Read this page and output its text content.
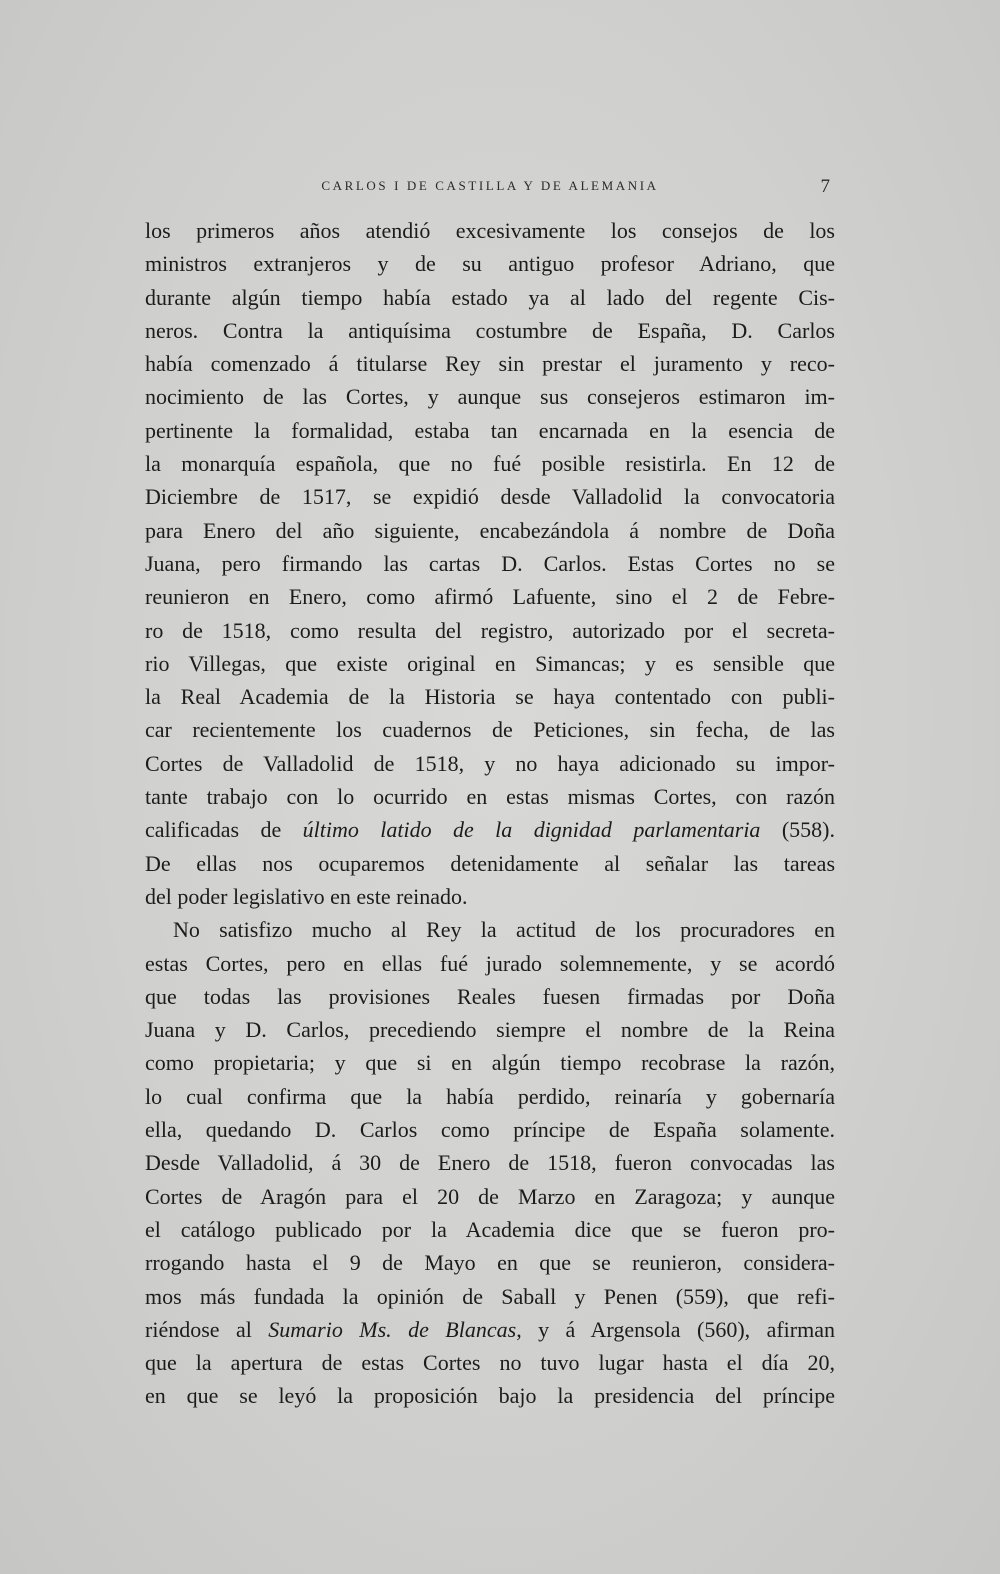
CARLOS I DE CASTILLA Y DE ALEMANIA	7
los primeros años atendió excesivamente los consejos de los
ministros extranjeros y de su antiguo profesor Adriano, que
durante algún tiempo había estado ya al lado del regente Cis-
neros. Contra la antiquísima costumbre de España, D. Carlos
había comenzado á titularse Rey sin prestar el juramento y reco-
nocimiento de las Cortes, y aunque sus consejeros estimaron im-
pertinente la formalidad, estaba tan encarnada en la esencia de
la monarquía española, que no fué posible resistirla. En 12 de
Diciembre de 1517, se expidió desde Valladolid la convocatoria
para Enero del año siguiente, encabezándola á nombre de Doña
Juana, pero firmando las cartas D. Carlos. Estas Cortes no se
reunieron en Enero, como afirmó Lafuente, sino el 2 de Febre-
ro de 1518, como resulta del registro, autorizado por el secreta-
rio Villegas, que existe original en Simancas; y es sensible que
la Real Academia de la Historia se haya contentado con publi-
car recientemente los cuadernos de Peticiones, sin fecha, de las
Cortes de Valladolid de 1518, y no haya adicionado su impor-
tante trabajo con lo ocurrido en estas mismas Cortes, con razón
calificadas de último latido de la dignidad parlamentaria (558).
De ellas nos ocuparemos detenidamente al señalar las tareas
del poder legislativo en este reinado.
No satisfizo mucho al Rey la actitud de los procuradores en
estas Cortes, pero en ellas fué jurado solemnemente, y se acordó
que todas las provisiones Reales fuesen firmadas por Doña
Juana y D. Carlos, precediendo siempre el nombre de la Reina
como propietaria; y que si en algún tiempo recobrase la razón,
lo cual confirma que la había perdido, reinaría y gobernaría
ella, quedando D. Carlos como príncipe de España solamente.
Desde Valladolid, á 30 de Enero de 1518, fueron convocadas las
Cortes de Aragón para el 20 de Marzo en Zaragoza; y aunque
el catálogo publicado por la Academia dice que se fueron pro-
rrogando hasta el 9 de Mayo en que se reunieron, considera-
mos más fundada la opinión de Saball y Penen (559), que refi-
riéndose al Sumario Ms. de Blancas, y á Argensola (560), afirman
que la apertura de estas Cortes no tuvo lugar hasta el día 20,
en que se leyó la proposición bajo la presidencia del príncipe
